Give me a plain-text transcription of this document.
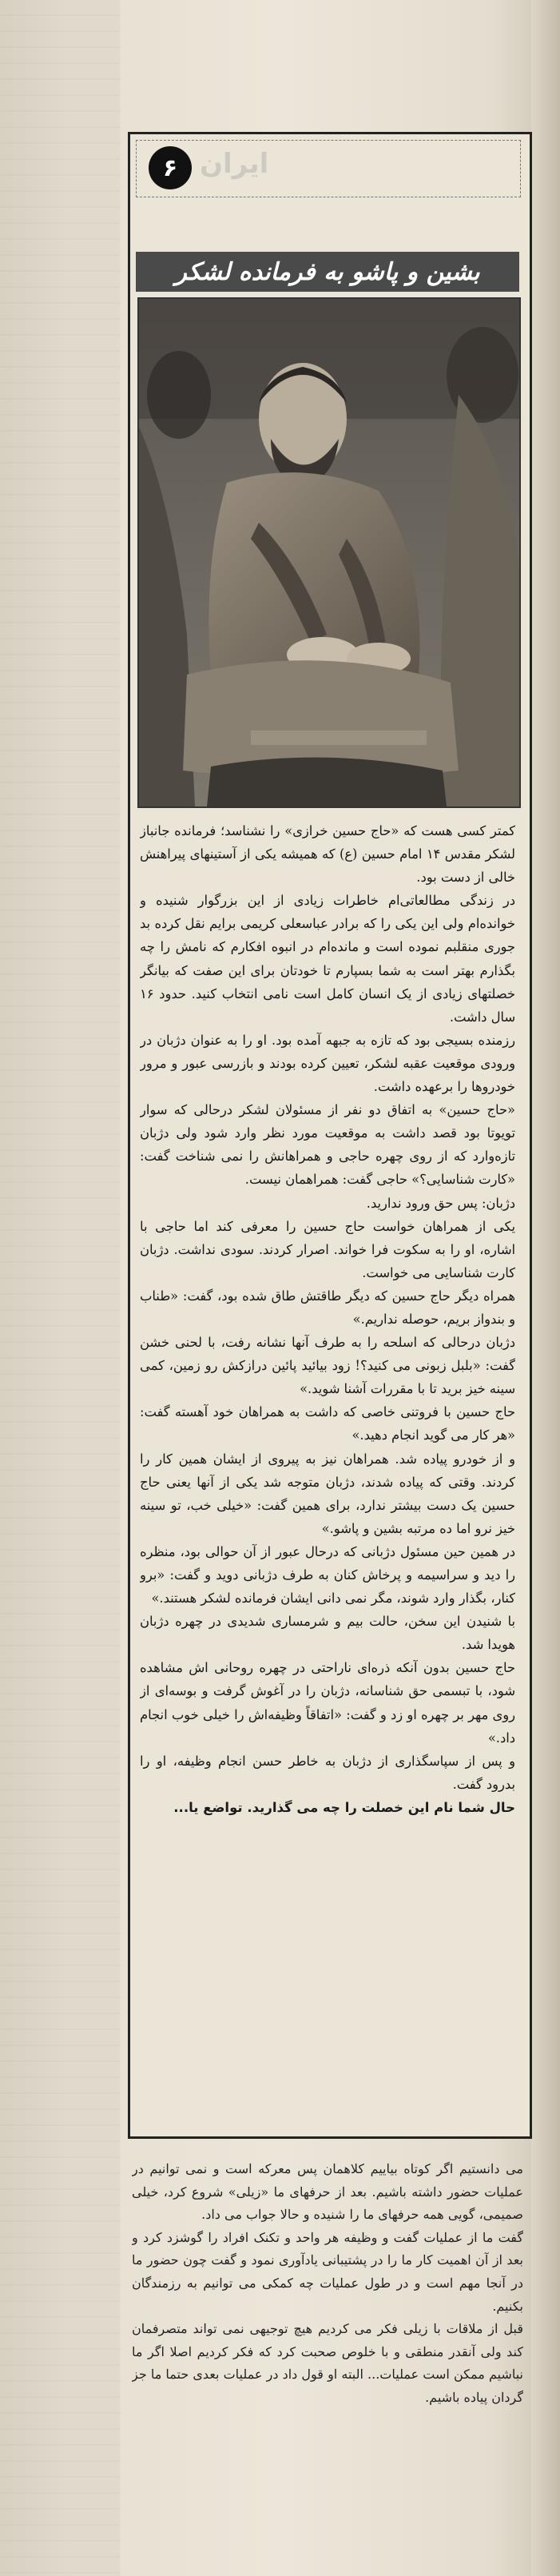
۶ ايران
بشین و پاشو به فرمانده لشکر

کمتر کسی هست که «حاج حسین خرازی» را نشناسد؛ فرمانده جانباز لشکر مقدس ۱۴ امام حسین (ع) که همیشه یکی از آستینهای پیراهنش خالی از دست بود.

در زندگی مطالعاتی‌ام خاطرات زیادی از این بزرگوار شنیده و خوانده‌ام ولی این یکی را که برادر عباسعلی کریمی برایم نقل کرده بد جوری منقلبم نموده است و مانده‌ام در انبوه افکارم که نامش را چه بگذارم بهتر است به شما بسپارم تا خودتان برای این صفت که بیانگر خصلتهای زیادی از یک انسان کامل است نامی انتخاب کنید. حدود ۱۶ سال داشت.

رزمنده بسیجی بود که تازه به جبهه آمده بود. او را به عنوان دژبان در ورودی موقعیت عقبه لشکر، تعیین کرده بودند و بازرسی عبور و مرور خودروها را برعهده داشت.

«حاج حسین» به اتفاق دو نفر از مسئولان لشکر درحالی که سوار تویوتا بود قصد داشت به موقعیت مورد نظر وارد شود ولی دژبان تازه‌وارد که از روی چهره حاجی و همراهانش را نمی شناخت گفت: «کارت شناسایی؟» حاجی گفت: همراهمان نیست.

دژبان: پس حق ورود ندارید.

یکی از همراهان خواست حاج حسین را معرفی کند اما حاجی با اشاره، او را به سکوت فرا خواند. اصرار کردند. سودی نداشت. دژبان کارت شناسایی می خواست.

همراه دیگر حاج حسین که دیگر طاقتش طاق شده بود، گفت: «طناب و بندواز بریم، حوصله نداریم.»

دژبان درحالی که اسلحه را به طرف آنها نشانه رفت، با لحنی خشن گفت: «بلبل زبونی می کنید؟! زود بیائید پائین درازکش رو زمین، کمی سینه خیز برید تا با مقررات آشنا شوید.»

حاج حسین با فروتنی خاصی که داشت به همراهان خود آهسته گفت: «هر کار می گوید انجام دهید.»

و از خودرو پیاده شد. همراهان نیز به پیروی از ایشان همین کار را کردند. وقتی که پیاده شدند، دژبان متوجه شد یکی از آنها یعنی حاج حسین یک دست بیشتر ندارد، برای همین گفت: «خیلی خب، تو سینه خیز نرو اما ده مرتبه بشین و پاشو.»

در همین حین مسئول دژبانی که درحال عبور از آن حوالی بود، منظره را دید و سراسیمه و پرخاش کنان به طرف دژبانی دوید و گفت: «برو کنار، بگذار وارد شوند، مگر نمی دانی ایشان فرمانده لشکر هستند.»

با شنیدن این سخن، حالت بیم و شرمساری شدیدی در چهره دژبان هویدا شد.

حاج حسین بدون آنکه ذره‌ای ناراحتی در چهره روحانی اش مشاهده شود، با تبسمی حق شناسانه، دژبان را در آغوش گرفت و بوسه‌ای از روی مهر بر چهره او زد و گفت: «اتفاقاً وظیفه‌اش را خیلی خوب انجام داد.»

و پس از سپاسگذاری از دژبان به خاطر حسن انجام وظیفه، او را بدرود گفت.

حال شما نام این خصلت را چه می گذارید. تواضع یا...

می دانستیم اگر کوتاه بیاییم کلاهمان پس معرکه است و نمی توانیم در عملیات حضور داشته باشیم. بعد از حرفهای ما «زیلی» شروع کرد، خیلی صمیمی، گویی همه حرفهای ما را شنیده و حالا جواب می داد.

گفت ما از عملیات گفت و وظیفه هر واحد و تکنک افراد را گوشزد کرد و بعد از آن اهمیت کار ما را در پشتیبانی یادآوری نمود و گفت چون حضور ما در آنجا مهم است و در طول عملیات چه کمکی می توانیم به رزمندگان بکنیم.

قبل از ملاقات با زیلی فکر می کردیم هیچ توجیهی نمی تواند متصرفمان کند ولی آنقدر منطقی و با خلوص صحبت کرد که فکر کردیم اصلا اگر ما نباشیم ممکن است عملیات... البته او قول داد در عملیات بعدی حتما ما جز گردان پیاده باشیم.
